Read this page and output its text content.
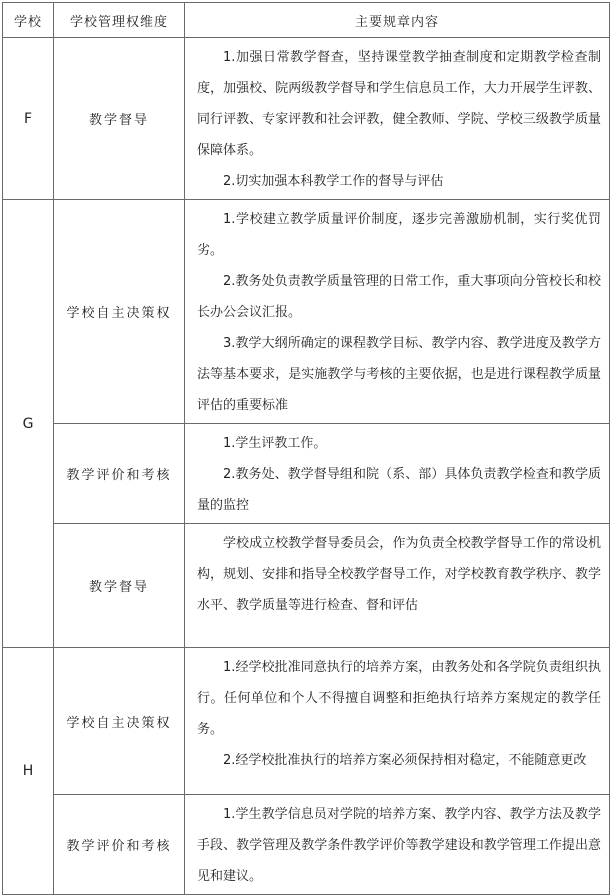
学校	学校管理权维度	主要规章内容
F	教学督导	1.加强日常教学督查，坚持课堂教学抽查制度和定期教学检查制度，加强校、院两级教学督导和学生信息员工作，大力开展学生评教、同行评教、专家评教和社会评教，健全教师、学院、学校三级教学质量保障体系。

2.切实加强本科教学工作的督导与评估

G	学校自主决策权	1.学校建立教学质量评价制度，逐步完善激励机制，实行奖优罚劣。

2.教务处负责教学质量管理的日常工作，重大事项向分管校长和校长办公会议汇报。

3.教学大纲所确定的课程教学目标、教学内容、教学进度及教学方法等基本要求，是实施教学与考核的主要依据，也是进行课程教学质量评估的重要标准

	教学评价和考核	1.学生评教工作。

2.教务处、教学督导组和院（系、部）具体负责教学检查和教学质量的监控

	教学督导	学校成立校教学督导委员会，作为负责全校教学督导工作的常设机构，规划、安排和指导全校教学督导工作，对学校教育教学秩序、教学水平、教学质量等进行检查、督和评估

H	学校自主决策权	1.经学校批准同意执行的培养方案，由教务处和各学院负责组织执行。任何单位和个人不得擅自调整和拒绝执行培养方案规定的教学任务。

2.经学校批准执行的培养方案必须保持相对稳定，不能随意更改

	教学评价和考核	1.学生教学信息员对学院的培养方案、教学内容、教学方法及教学手段、教学管理及教学条件教学评价等教学建设和教学管理工作提出意见和建议。
